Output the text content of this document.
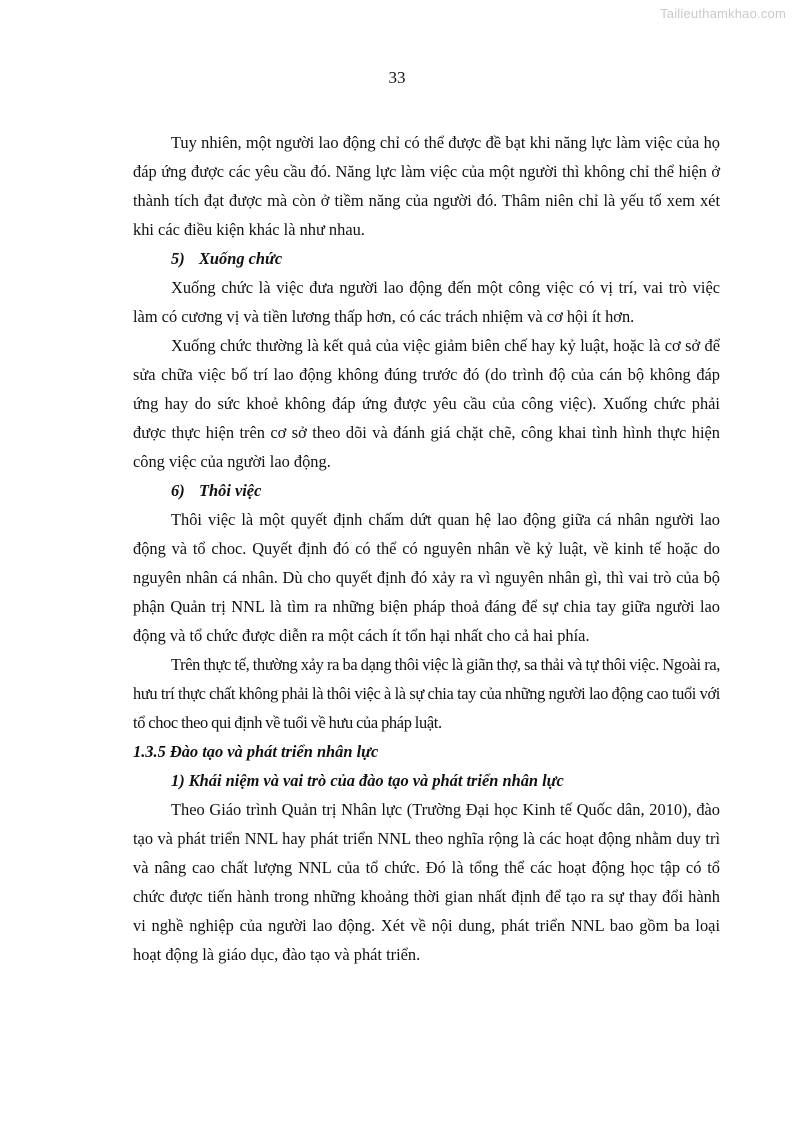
Tailieuthamkhao.com
33

Tuy nhiên, một người lao động chỉ có thể được đề bạt khi năng lực làm việc của họ đáp ứng được các yêu cầu đó. Năng lực làm việc của một người thì không chỉ thể hiện ở thành tích đạt được mà còn ở tiềm năng của người đó. Thâm niên chỉ là yếu tố xem xét khi các điều kiện khác là như nhau.

5) Xuống chức

Xuống chức là việc đưa người lao động đến một công việc có vị trí, vai trò việc làm có cương vị và tiền lương thấp hơn, có các trách nhiệm và cơ hội ít hơn.

Xuống chức thường là kết quả của việc giảm biên chế hay kỷ luật, hoặc là cơ sở để sửa chữa việc bố trí lao động không đúng trước đó (do trình độ của cán bộ không đáp ứng hay do sức khoẻ không đáp ứng được yêu cầu của công việc). Xuống chức phải được thực hiện trên cơ sở theo dõi và đánh giá chặt chẽ, công khai tình hình thực hiện công việc của người lao động.

6) Thôi việc

Thôi việc là một quyết định chấm dứt quan hệ lao động giữa cá nhân người lao động và tổ choc. Quyết định đó có thể có nguyên nhân về kỷ luật, về kinh tế hoặc do nguyên nhân cá nhân. Dù cho quyết định đó xảy ra vì nguyên nhân gì, thì vai trò của bộ phận Quản trị NNL là tìm ra những biện pháp thoả đáng để sự chia tay giữa người lao động và tổ chức được diễn ra một cách ít tổn hại nhất cho cả hai phía.

Trên thực tế, thường xảy ra ba dạng thôi việc là giãn thợ, sa thải và tự thôi việc. Ngoài ra, hưu trí thực chất không phải là thôi việc à là sự chia tay của những người lao động cao tuổi với tổ choc theo qui định về tuổi về hưu của pháp luật.

1.3.5 Đào tạo và phát triển nhân lực

1) Khái niệm và vai trò của đào tạo và phát triển nhân lực

Theo Giáo trình Quản trị Nhân lực (Trường Đại học Kinh tế Quốc dân, 2010), đào tạo và phát triển NNL hay phát triển NNL theo nghĩa rộng là các hoạt động nhằm duy trì và nâng cao chất lượng NNL của tổ chức. Đó là tổng thể các hoạt động học tập có tổ chức được tiến hành trong những khoảng thời gian nhất định để tạo ra sự thay đổi hành vi nghề nghiệp của người lao động. Xét về nội dung, phát triển NNL bao gồm ba loại hoạt động là giáo dục, đào tạo và phát triển.
